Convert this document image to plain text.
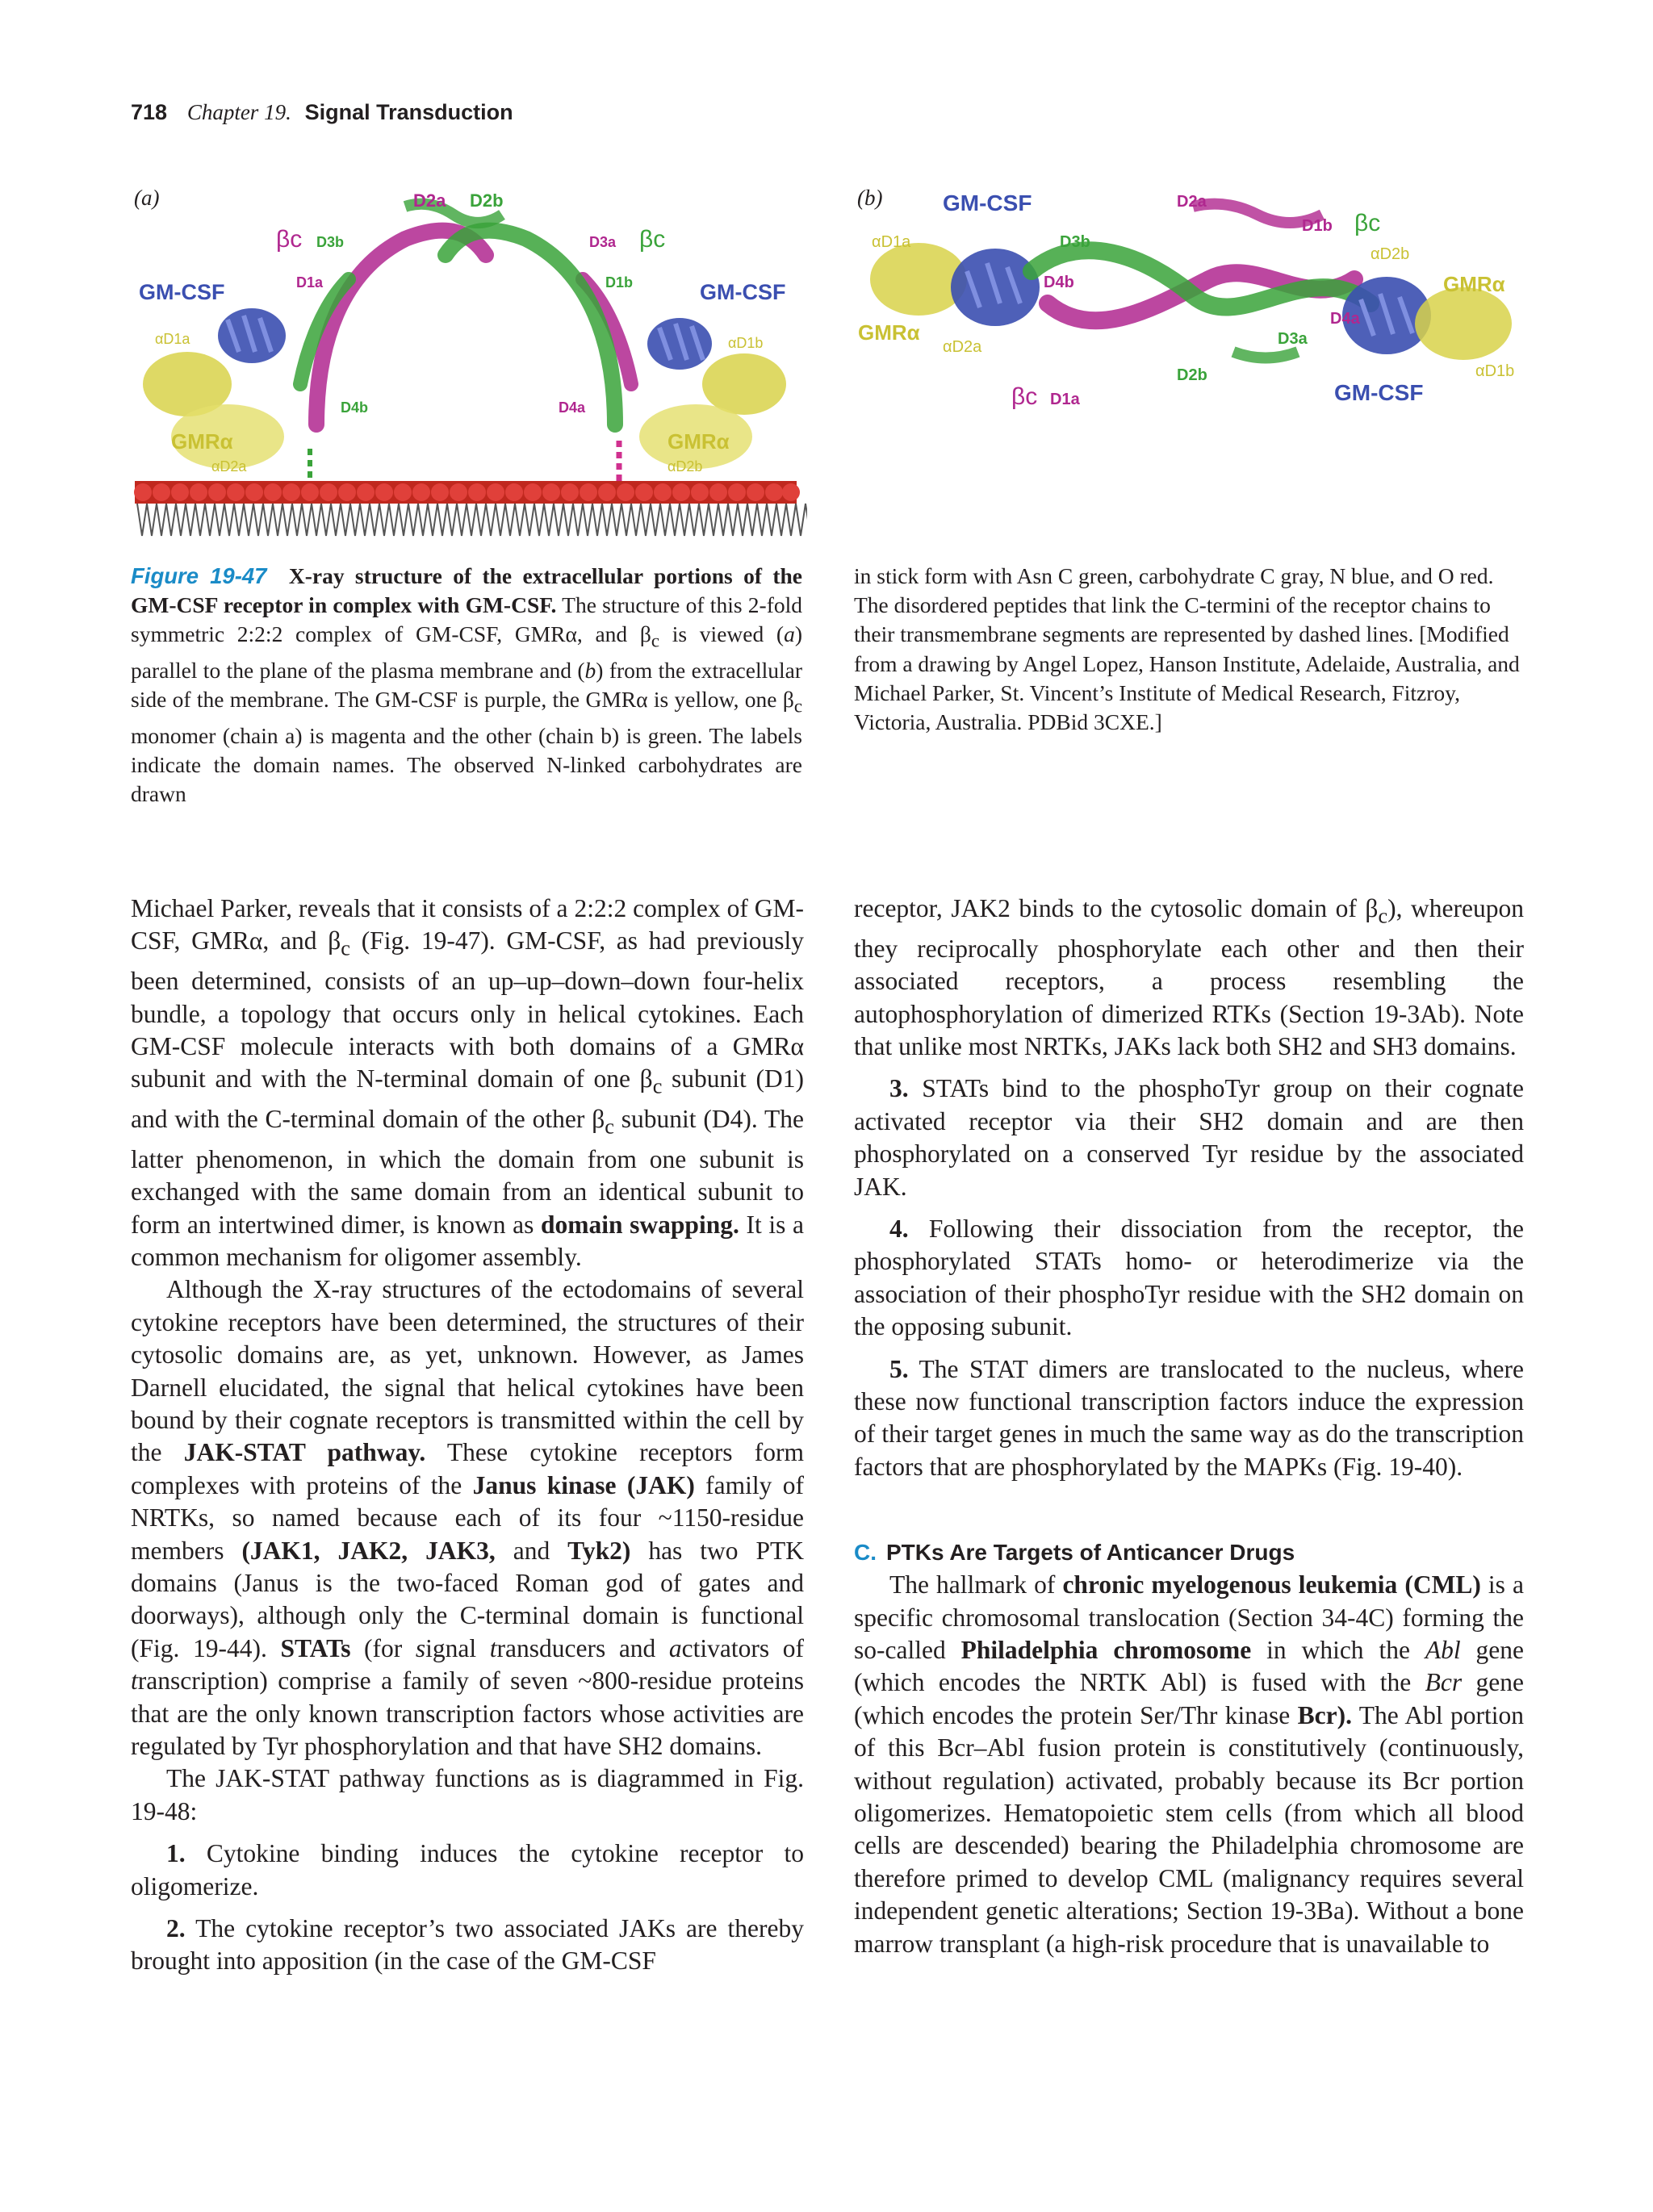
718 Chapter 19. Signal Transduction
(a)	D2a D2b
βc D3b	D3a βc
GM-CSF	D1a	D1b	GM-CSF
αD1a	αD1b
D4b	D4a
GMRα	GMRα
αD2a	αD2b
(b)	GM-CSF	D2a
αD1a	D3b
D1b βc
αD2b
D4b	GMRα
GMRα
D4a
αD2a	D3a
D2b
βc D1a	GM-CSF
αD1b
Figure 19-47 X-ray structure of the extracellular portions of the GM-CSF receptor in complex with GM-CSF. The structure of this 2-fold symmetric 2:2:2 complex of GM-CSF, GMRα, and $\beta_c$ is viewed (a) parallel to the plane of the plasma membrane and (b) from the extracellular side of the membrane. The GM-CSF is purple, the GMRα is yellow, one $\beta_c$ monomer (chain a) is magenta and the other (chain b) is green. The labels indicate the domain names. The observed N-linked carbohydrates are drawn
in stick form with Asn C green, carbohydrate C gray, N blue, and O red. The disordered peptides that link the C-termini of the receptor chains to their transmembrane segments are represented by dashed lines. [Modified from a drawing by Angel Lopez, Hanson Institute, Adelaide, Australia, and Michael Parker, St. Vincent’s Institute of Medical Research, Fitzroy, Victoria, Australia. PDBid 3CXE.]

Michael Parker, reveals that it consists of a 2:2:2 complex of GM-CSF, GMRα, and $\beta_c$ (Fig. 19-47). GM-CSF, as had previously been determined, consists of an up–up–down–down four-helix bundle, a topology that occurs only in helical cytokines. Each GM-CSF molecule interacts with both domains of a GMRα subunit and with the N-terminal domain of one $\beta_c$ subunit (D1) and with the C-terminal domain of the other $\beta_c$ subunit (D4). The latter phenomenon, in which the domain from one subunit is exchanged with the same domain from an identical subunit to form an intertwined dimer, is known as domain swapping. It is a common mechanism for oligomer assembly.

Although the X-ray structures of the ectodomains of several cytokine receptors have been determined, the structures of their cytosolic domains are, as yet, unknown. However, as James Darnell elucidated, the signal that helical cytokines have been bound by their cognate receptors is transmitted within the cell by the JAK-STAT pathway. These cytokine receptors form complexes with proteins of the Janus kinase (JAK) family of NRTKs, so named because each of its four ~1150-residue members (JAK1, JAK2, JAK3, and Tyk2) has two PTK domains (Janus is the two-faced Roman god of gates and doorways), although only the C-terminal domain is functional (Fig. 19-44). STATs (for signal transducers and activators of transcription) comprise a family of seven ~800-residue proteins that are the only known transcription factors whose activities are regulated by Tyr phosphorylation and that have SH2 domains.

The JAK-STAT pathway functions as is diagrammed in Fig. 19-48:

1. Cytokine binding induces the cytokine receptor to oligomerize.

2. The cytokine receptor’s two associated JAKs are thereby brought into apposition (in the case of the GM-CSF

receptor, JAK2 binds to the cytosolic domain of $\beta_c$), whereupon they reciprocally phosphorylate each other and then their associated receptors, a process resembling the autophosphorylation of dimerized RTKs (Section 19-3Ab). Note that unlike most NRTKs, JAKs lack both SH2 and SH3 domains.

3. STATs bind to the phosphoTyr group on their cognate activated receptor via their SH2 domain and are then phosphorylated on a conserved Tyr residue by the associated JAK.

4. Following their dissociation from the receptor, the phosphorylated STATs homo- or heterodimerize via the association of their phosphoTyr residue with the SH2 domain on the opposing subunit.

5. The STAT dimers are translocated to the nucleus, where these now functional transcription factors induce the expression of their target genes in much the same way as do the transcription factors that are phosphorylated by the MAPKs (Fig. 19-40).

C. PTKs Are Targets of Anticancer Drugs

The hallmark of chronic myelogenous leukemia (CML) is a specific chromosomal translocation (Section 34-4C) forming the so-called Philadelphia chromosome in which the Abl gene (which encodes the NRTK Abl) is fused with the Bcr gene (which encodes the protein Ser/Thr kinase Bcr). The Abl portion of this Bcr–Abl fusion protein is constitutively (continuously, without regulation) activated, probably because its Bcr portion oligomerizes. Hematopoietic stem cells (from which all blood cells are descended) bearing the Philadelphia chromosome are therefore primed to develop CML (malignancy requires several independent genetic alterations; Section 19-3Ba). Without a bone marrow transplant (a high-risk procedure that is unavailable to
